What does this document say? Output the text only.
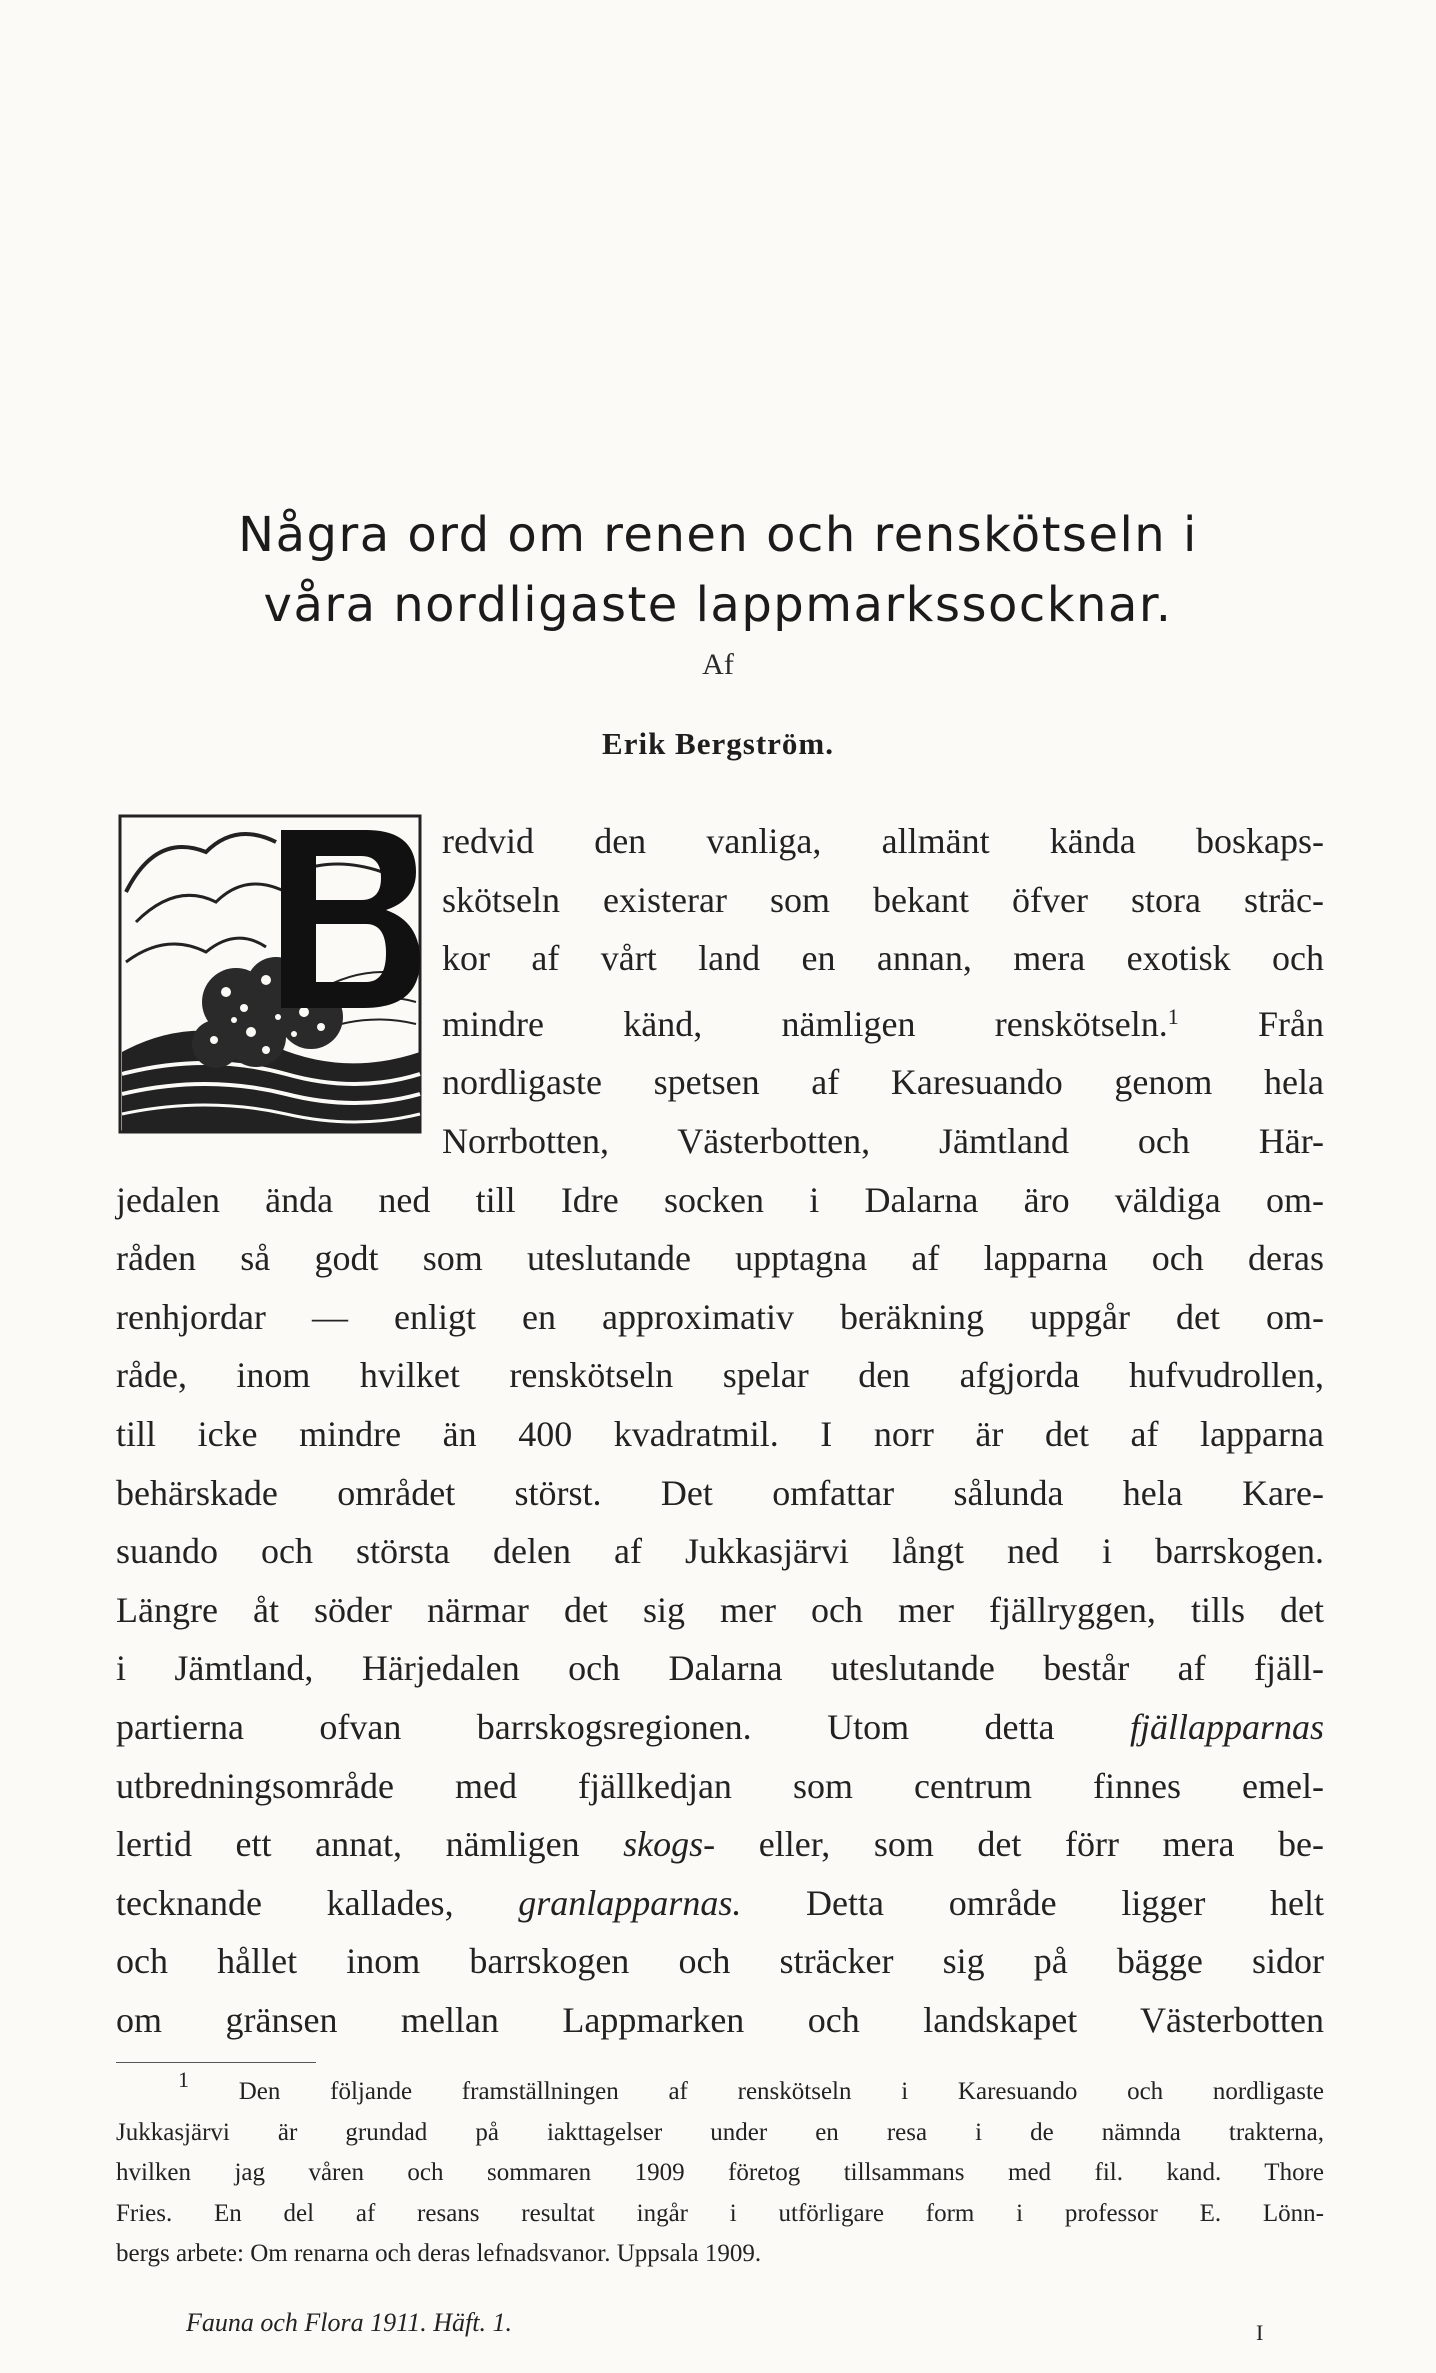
Några ord om renen och renskötseln i
våra nordligaste lappmarkssocknar.
Af
Erik Bergström.
redvid den vanliga, allmänt kända boskaps-
skötseln existerar som bekant öfver stora sträc-
kor af vårt land en annan, mera exotisk och
mindre känd, nämligen renskötseln.$^1$ Från
nordligaste spetsen af Karesuando genom hela
Norrbotten, Västerbotten, Jämtland och Här-
jedalen ända ned till Idre socken i Dalarna äro väldiga om-
råden så godt som uteslutande upptagna af lapparna och deras
renhjordar — enligt en approximativ beräkning uppgår det om-
råde, inom hvilket renskötseln spelar den afgjorda hufvudrollen,
till icke mindre än 400 kvadratmil. I norr är det af lapparna
behärskade området störst. Det omfattar sålunda hela Kare-
suando och största delen af Jukkasjärvi långt ned i barrskogen.
Längre åt söder närmar det sig mer och mer fjällryggen, tills det
i Jämtland, Härjedalen och Dalarna uteslutande består af fjäll-
partierna ofvan barrskogsregionen. Utom detta fjällapparnas
utbredningsområde med fjällkedjan som centrum finnes emel-
lertid ett annat, nämligen skogs- eller, som det förr mera be-
tecknande kallades, granlapparnas. Detta område ligger helt
och hållet inom barrskogen och sträcker sig på bägge sidor
om gränsen mellan Lappmarken och landskapet Västerbotten
1 Den följande framställningen af renskötseln i Karesuando och nordligaste
Jukkasjärvi är grundad på iakttagelser under en resa i de nämnda trakterna,
hvilken jag våren och sommaren 1909 företog tillsammans med fil. kand. Thore
Fries. En del af resans resultat ingår i utförligare form i professor E. Lönn-
bergs arbete: Om renarna och deras lefnadsvanor. Uppsala 1909.
Fauna och Flora 1911. Häft. 1.	I
